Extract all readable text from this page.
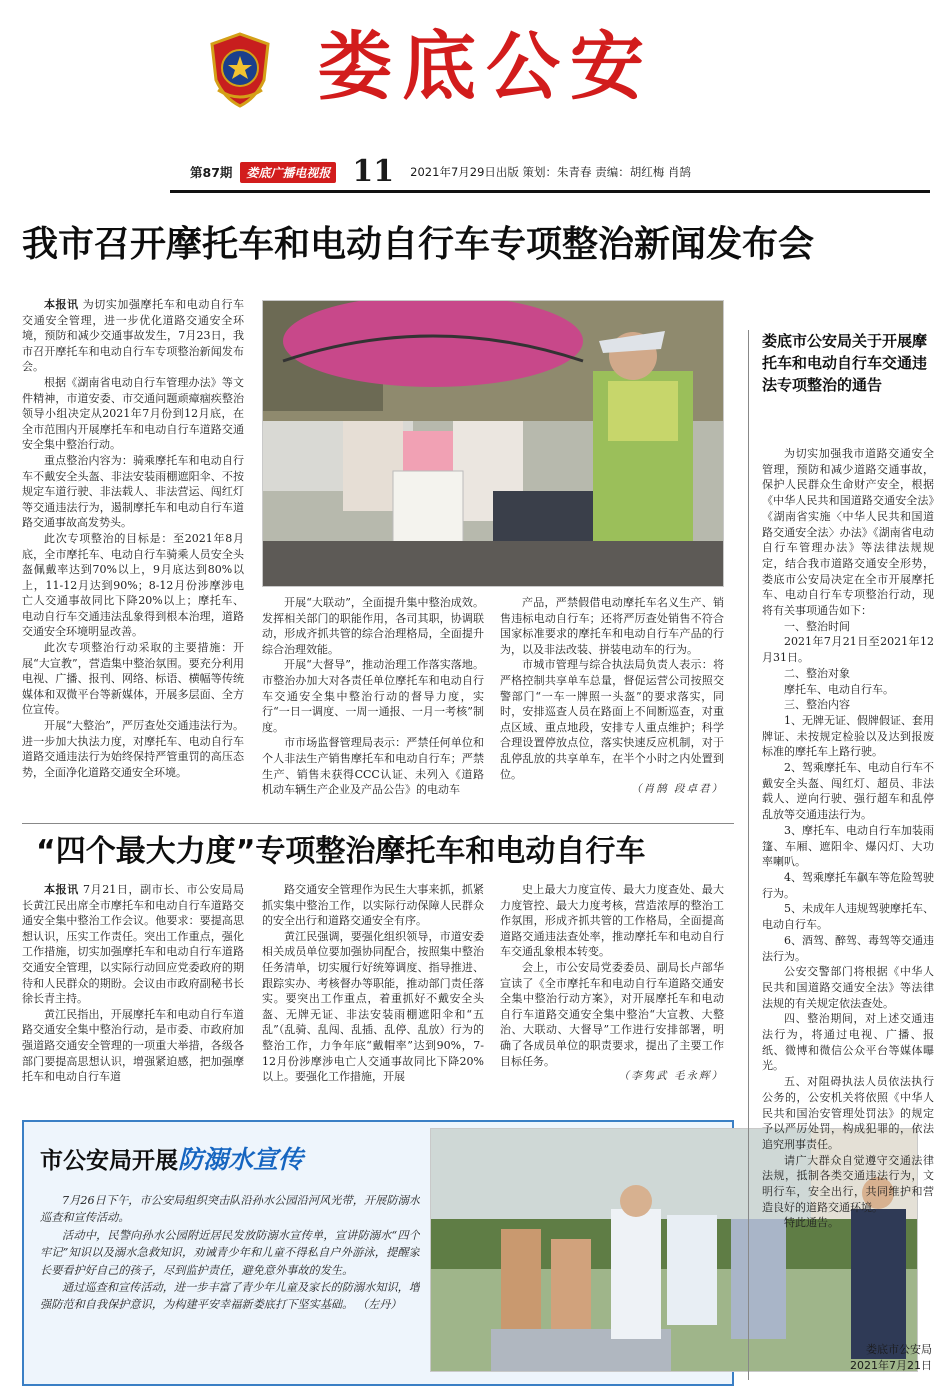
娄底公安
第87期	娄底广播电视报 11 2021年7月29日出版 策划：朱青春 责编：胡红梅 肖鹄
我市召开摩托车和电动自行车专项整治新闻发布会

本报讯 为切实加强摩托车和电动自行车交通安全管理，进一步优化道路交通安全环境，预防和减少交通事故发生，7月23日，我市召开摩托车和电动自行车专项整治新闻发布会。

根据《湖南省电动自行车管理办法》等文件精神，市道安委、市交通问题顽瘴痼疾整治领导小组决定从2021年7月份到12月底，在全市范围内开展摩托车和电动自行车道路交通安全集中整治行动。

重点整治内容为：骑乘摩托车和电动自行车不戴安全头盔、非法安装雨棚遮阳伞、不按规定车道行驶、非法载人、非法营运、闯红灯等交通违法行为，遏制摩托车和电动自行车道路交通事故高发势头。

此次专项整治的目标是：至2021年8月底，全市摩托车、电动自行车骑乘人员安全头盔佩戴率达到70%以上，9月底达到80%以上，11-12月达到90%；8-12月份涉摩涉电亡人交通事故同比下降20%以上；摩托车、电动自行车交通违法乱象得到根本治理，道路交通安全环境明显改善。

此次专项整治行动采取的主要措施：开展“大宣教”，营造集中整治氛围。要充分利用电视、广播、报刊、网络、标语、横幅等传统媒体和双微平台等新媒体，开展多层面、全方位宣传。

开展“大整治”，严厉查处交通违法行为。进一步加大执法力度，对摩托车、电动自行车道路交通违法行为始终保持严管重罚的高压态势，全面净化道路交通安全环境。

开展“大联动”，全面提升集中整治成效。发挥相关部门的职能作用，各司其职，协调联动，形成齐抓共管的综合治理格局，全面提升综合治理效能。

开展“大督导”，推动治理工作落实落地。市整治办加大对各责任单位摩托车和电动自行车交通安全集中整治行动的督导力度，实行“一日一调度、一周一通报、一月一考核”制度。

市市场监督管理局表示：严禁任何单位和个人非法生产销售摩托车和电动自行车；严禁生产、销售未获得CCC认证、未列入《道路机动车辆生产企业及产品公告》的电动车

产品，严禁假借电动摩托车名义生产、销售违标电动自行车；还将严厉查处销售不符合国家标准要求的摩托车和电动自行车产品的行为，以及非法改装、拼装电动车的行为。

市城市管理与综合执法局负责人表示：将严格控制共享单车总量，督促运营公司按照交警部门“一车一牌照一头盔”的要求落实，同时，安排巡查人员在路面上不间断巡查，对重点区域、重点地段，安排专人重点维护；科学合理设置停放点位，落实快速反应机制，对于乱停乱放的共享单车，在半个小时之内处置到位。

（肖鹄 段卓君）
“四个最大力度”专项整治摩托车和电动自行车

本报讯 7月21日，副市长、市公安局局长黄江民出席全市摩托车和电动自行车道路交通安全集中整治工作会议。他要求：要提高思想认识，压实工作责任。突出工作重点，强化工作措施，切实加强摩托车和电动自行车道路交通安全管理，以实际行动回应党委政府的期待和人民群众的期盼。会议由市政府副秘书长徐长青主持。

黄江民指出，开展摩托车和电动自行车道路交通安全集中整治行动，是市委、市政府加强道路交通安全管理的一项重大举措，各级各部门要提高思想认识，增强紧迫感，把加强摩托车和电动自行车道

路交通安全管理作为民生大事来抓，抓紧抓实集中整治工作，以实际行动保障人民群众的安全出行和道路交通安全有序。

黄江民强调，要强化组织领导，市道安委相关成员单位要加强协同配合，按照集中整治任务清单，切实履行好统筹调度、指导推进、跟踪实办、考核督办等职能，推动部门责任落实。要突出工作重点，着重抓好不戴安全头盔、无牌无证、非法安装雨棚遮阳伞和“五乱”（乱骑、乱闯、乱插、乱停、乱放）行为的整治工作，力争年底“戴帽率”达到90%，7-12月份涉摩涉电亡人交通事故同比下降20%以上。要强化工作措施，开展

史上最大力度宣传、最大力度查处、最大力度管控、最大力度考核，营造浓厚的整治工作氛围，形成齐抓共管的工作格局，全面提高道路交通违法查处率，推动摩托车和电动自行车交通乱象根本转变。

会上，市公安局党委委员、副局长卢部华宣读了《全市摩托车和电动自行车道路交通安全集中整治行动方案》，对开展摩托车和电动自行车道路交通安全集中整治“大宣教、大整治、大联动、大督导”工作进行安排部署，明确了各成员单位的职责要求，提出了主要工作目标任务。

（李隽武 毛永辉）
市公安局开展防溺水宣传

7月26日下午，市公安局组织突击队沿孙水公园沿河风光带，开展防溺水巡查和宣传活动。

活动中，民警向孙水公园附近居民发放防溺水宣传单，宣讲防溺水“四个牢记”知识以及溺水急救知识，劝诫青少年和儿童不得私自户外游泳，提醒家长要看护好自己的孩子，尽到监护责任，避免意外事故的发生。

通过巡查和宣传活动，进一步丰富了青少年儿童及家长的防溺水知识，增强防范和自我保护意识，为构建平安幸福新娄底打下坚实基础。 （左丹）

娄底市公安局关于开展摩托车和电动自行车交通违法专项整治的通告

为切实加强我市道路交通安全管理，预防和减少道路交通事故，保护人民群众生命财产安全，根据《中华人民共和国道路交通安全法》《湖南省实施〈中华人民共和国道路交通安全法〉办法》《湖南省电动自行车管理办法》等法律法规规定，结合我市道路交通安全形势，娄底市公安局决定在全市开展摩托车、电动自行车专项整治行动，现将有关事项通告如下：

一、整治时间

2021年7月21日至2021年12月31日。

二、整治对象

摩托车、电动自行车。

三、整治内容

1、无牌无证、假牌假证、套用牌证、未按规定检验以及达到报废标准的摩托车上路行驶。

2、驾乘摩托车、电动自行车不戴安全头盔、闯红灯、超员、非法载人、逆向行驶、强行超车和乱停乱放等交通违法行为。

3、摩托车、电动自行车加装雨篷、车厢、遮阳伞、爆闪灯、大功率喇叭。

4、驾乘摩托车飙车等危险驾驶行为。

5、未成年人违规驾驶摩托车、电动自行车。

6、酒驾、醉驾、毒驾等交通违法行为。

公安交警部门将根据《中华人民共和国道路交通安全法》等法律法规的有关规定依法查处。

四、整治期间，对上述交通违法行为，将通过电视、广播、报纸、微博和微信公众平台等媒体曝光。

五、对阻碍执法人员依法执行公务的，公安机关将依照《中华人民共和国治安管理处罚法》的规定予以严厉处罚，构成犯罪的，依法追究刑事责任。

请广大群众自觉遵守交通法律法规，抵制各类交通违法行为，文明行车，安全出行，共同维护和营造良好的道路交通环境。

特此通告。

娄底市公安局
2021年7月21日
